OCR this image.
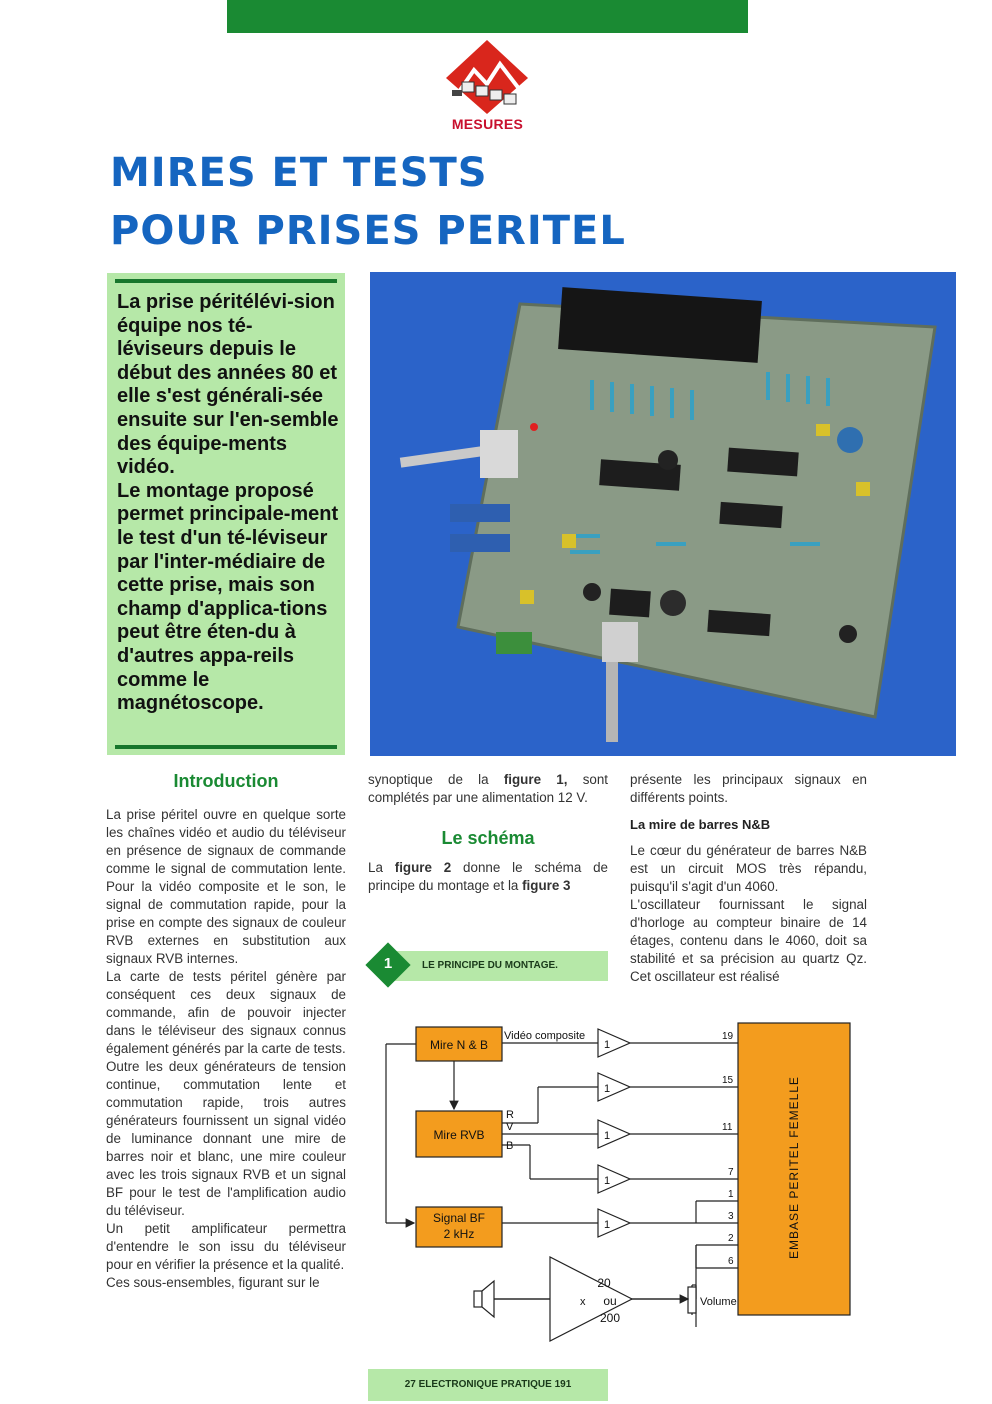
MESURES
MIRES ET TESTS
POUR PRISES PERITEL

La prise péritélévi-sion équipe nos té-léviseurs depuis le début des années 80 et elle s'est générali-sée ensuite sur l'en-semble des équipe-ments vidéo.

Le montage proposé permet principale-ment le test d'un té-léviseur par l'inter-médiaire de cette prise, mais son champ d'applica-tions peut être éten-du à d'autres appa-reils comme le magnétoscope.

Introduction

La prise péritel ouvre en quelque sorte les chaînes vidéo et audio du téléviseur en présence de signaux de commande comme le signal de commutation lente. Pour la vidéo composite et le son, le signal de commutation rapide, pour la prise en compte des signaux de couleur RVB externes en substitution aux signaux RVB internes.

La carte de tests péritel génère par conséquent ces deux signaux de commande, afin de pouvoir injecter dans le téléviseur des signaux connus également générés par la carte de tests.

Outre les deux générateurs de tension continue, commutation lente et commutation rapide, trois autres générateurs fournissent un signal vidéo de luminance donnant une mire de barres noir et blanc, une mire couleur avec les trois signaux RVB et un signal BF pour le test de l'amplification audio du téléviseur.

Un petit amplificateur permettra d'entendre le son issu du téléviseur pour en vérifier la présence et la qualité.

Ces sous-ensembles, figurant sur le

synoptique de la figure 1, sont complétés par une alimentation 12 V.

Le schéma

La figure 2 donne le schéma de principe du montage et la figure 3

présente les principaux signaux en différents points.

La mire de barres N&B

Le cœur du générateur de barres N&B est un circuit MOS très répandu, puisqu'il s'agit d'un 4060.

L'oscillateur fournissant le signal d'horloge au compteur binaire de 14 étages, contenu dans le 4060, doit sa stabilité et sa précision au quartz Qz. Cet oscillateur est réalisé

1	LE PRINCIPE DU MONTAGE.
Mire N & B
Mire RVB
Signal BF
2 kHz
Vidéo composite
R
V
B
1
1
1
1
1
19
15
11
7
1
3
2
6
EMBASE PERITEL FEMELLE
x
20
ou
200
Volume
27 ELECTRONIQUE PRATIQUE 191
